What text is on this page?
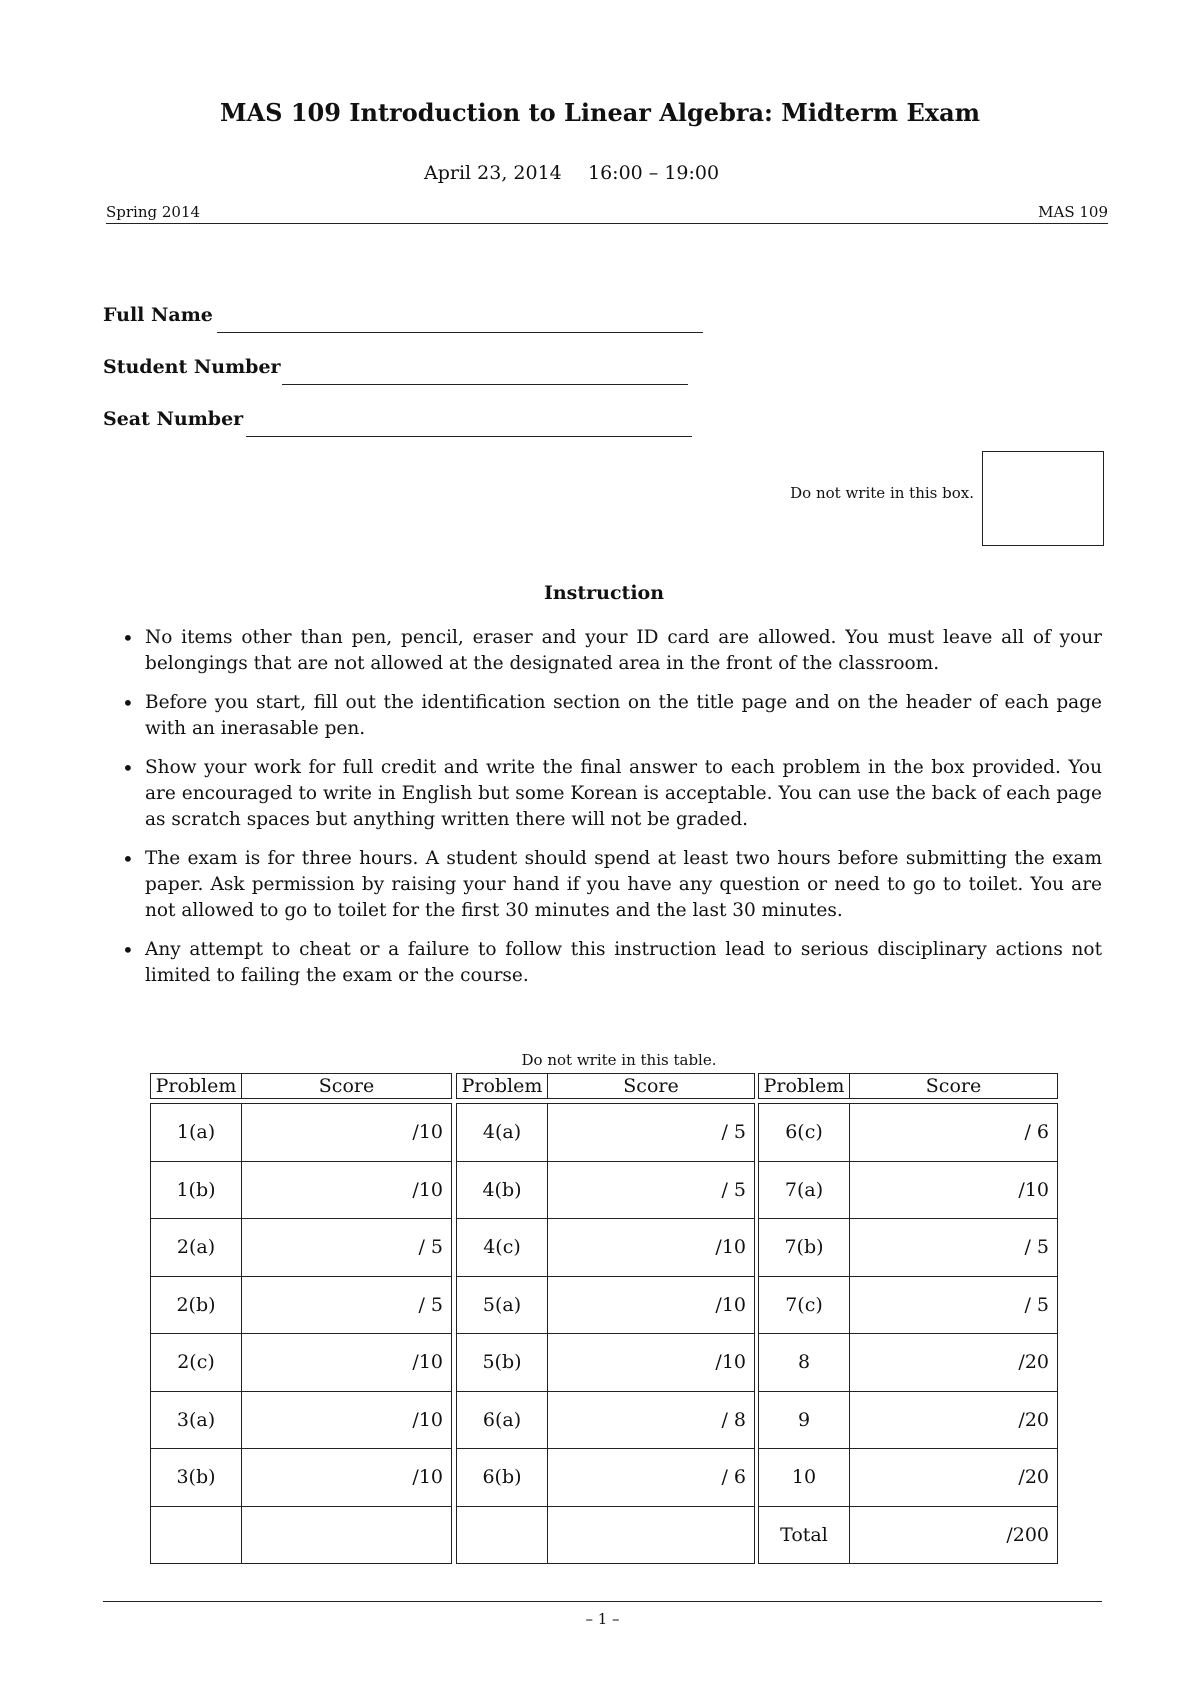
MAS 109 Introduction to Linear Algebra: Midterm Exam
April 23, 2014 16:00 – 19:00
Spring 2014	MAS 109
Full Name
Student Number
Seat Number
Do not write in this box.
Instruction
• No items other than pen, pencil, eraser and your ID card are allowed. You must leave all of your belongings that are not allowed at the designated area in the front of the classroom.
• Before you start, fill out the identification section on the title page and on the header of each page with an inerasable pen.
• Show your work for full credit and write the final answer to each problem in the box provided. You are encouraged to write in English but some Korean is acceptable. You can use the back of each page as scratch spaces but anything written there will not be graded.
• The exam is for three hours. A student should spend at least two hours before submitting the exam paper. Ask permission by raising your hand if you have any question or need to go to toilet. You are not allowed to go to toilet for the first 30 minutes and the last 30 minutes.
• Any attempt to cheat or a failure to follow this instruction lead to serious disciplinary actions not limited to failing the exam or the course.
Do not write in this table.
Problem	Score
1(a)	/10
1(b)	/10
2(a)	/ 5
2(b)	/ 5
2(c)	/10
3(a)	/10
3(b)	/10
Problem	Score
4(a)	/ 5
4(b)	/ 5
4(c)	/10
5(a)	/10
5(b)	/10
6(a)	/ 8
6(b)	/ 6
Problem	Score
6(c)	/ 6
7(a)	/10
7(b)	/ 5
7(c)	/ 5
8	/20
9	/20
10	/20
Total	/200
– 1 –
